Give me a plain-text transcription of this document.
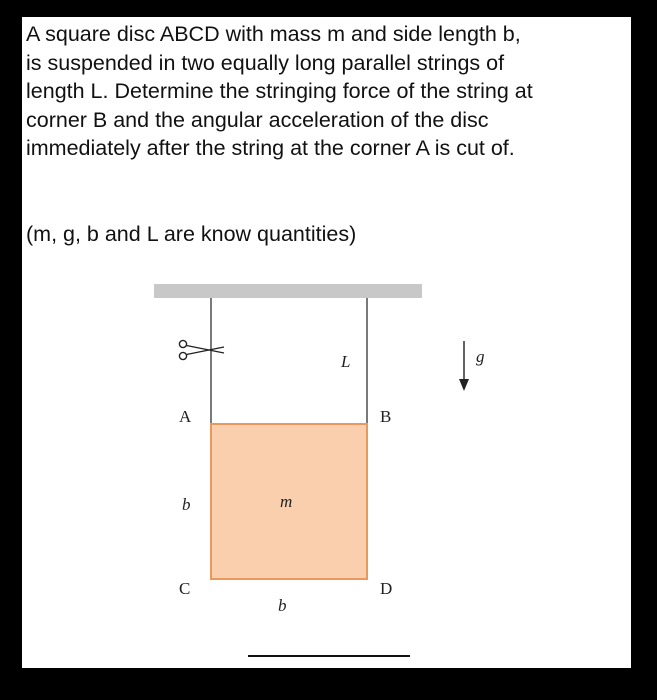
A square disc ABCD with mass m and side length b,
is suspended in two equally long parallel strings of
length L. Determine the stringing force of the string at
corner B and the angular acceleration of the disc
immediately after the string at the corner A is cut of.

(m, g, b and L are know quantities)

L	g
A	B
b	m
C	D
b
